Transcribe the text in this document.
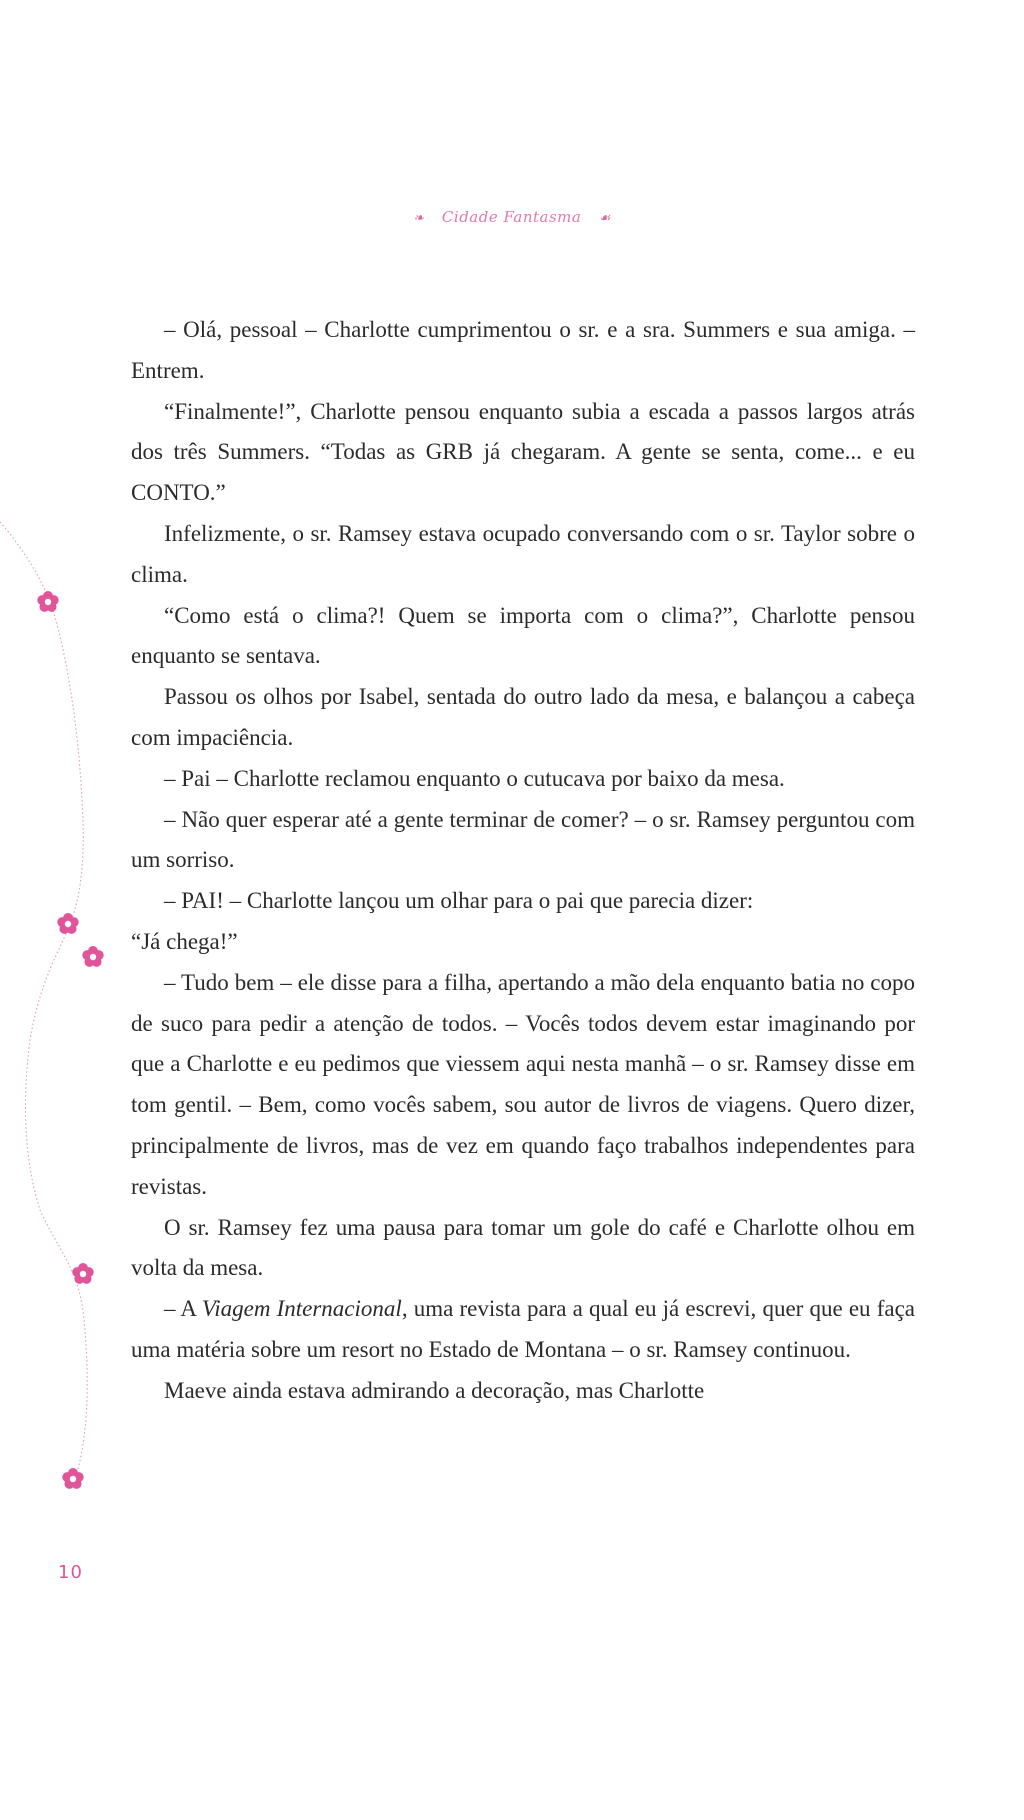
❧ Cidade Fantasma ☙

– Olá, pessoal – Charlotte cumprimentou o sr. e a sra. Summers e sua amiga. – Entrem.

“Finalmente!”, Charlotte pensou enquanto subia a escada a passos largos atrás dos três Summers. “Todas as GRB já chegaram. A gente se senta, come... e eu CONTO.”

Infelizmente, o sr. Ramsey estava ocupado conversando com o sr. Taylor sobre o clima.

“Como está o clima?! Quem se importa com o clima?”, Charlotte pensou enquanto se sentava.

Passou os olhos por Isabel, sentada do outro lado da mesa, e balançou a cabeça com impaciência.

– Pai – Charlotte reclamou enquanto o cutucava por baixo da mesa.

– Não quer esperar até a gente terminar de comer? – o sr. Ramsey perguntou com um sorriso.

– PAI! – Charlotte lançou um olhar para o pai que parecia dizer:

“Já chega!”

– Tudo bem – ele disse para a filha, apertando a mão dela enquanto batia no copo de suco para pedir a atenção de todos. – Vocês todos devem estar imaginando por que a Charlotte e eu pedimos que viessem aqui nesta manhã – o sr. Ramsey disse em tom gentil. – Bem, como vocês sabem, sou autor de livros de viagens. Quero dizer, principalmente de livros, mas de vez em quando faço trabalhos independentes para revistas.

O sr. Ramsey fez uma pausa para tomar um gole do café e Charlotte olhou em volta da mesa.

– A Viagem Internacional, uma revista para a qual eu já escrevi, quer que eu faça uma matéria sobre um resort no Estado de Montana – o sr. Ramsey continuou.

Maeve ainda estava admirando a decoração, mas Charlotte

10
